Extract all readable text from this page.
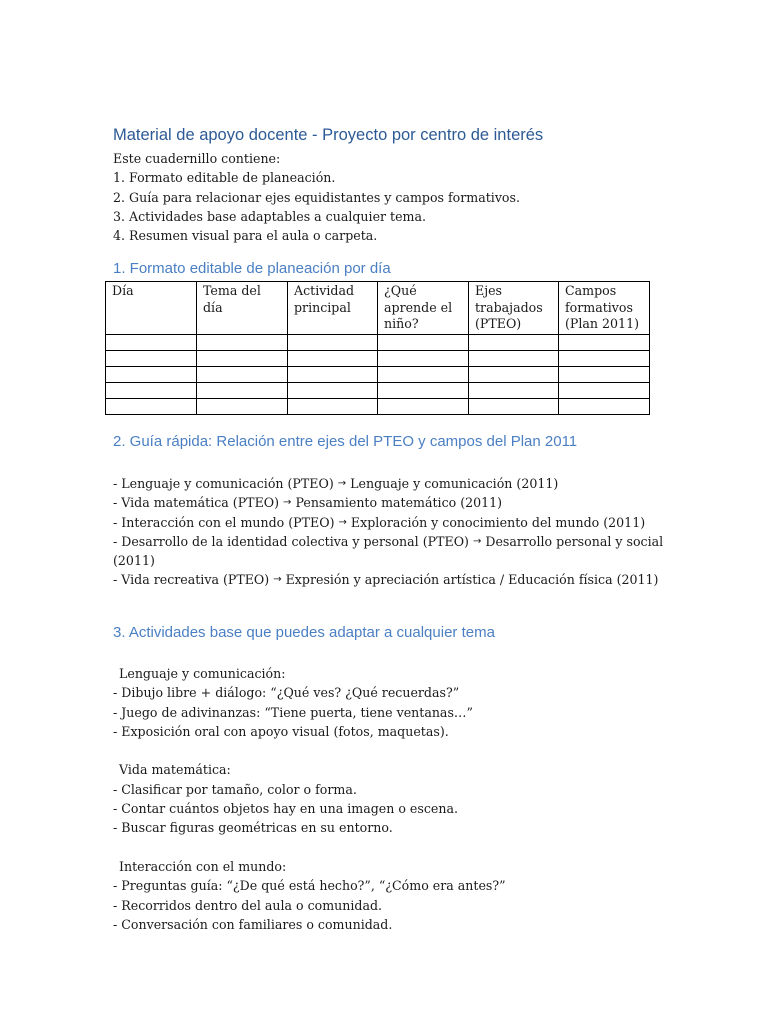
Material de apoyo docente - Proyecto por centro de interés
Este cuadernillo contiene:
1. Formato editable de planeación.
2. Guía para relacionar ejes equidistantes y campos formativos.
3. Actividades base adaptables a cualquier tema.
4. Resumen visual para el aula o carpeta.
1. Formato editable de planeación por día
Día	Tema del día	Actividad principal	¿Qué aprende el niño?	Ejes trabajados (PTEO)	Campos formativos (Plan 2011)

2. Guía rápida: Relación entre ejes del PTEO y campos del Plan 2011
- Lenguaje y comunicación (PTEO) → Lenguaje y comunicación (2011)
- Vida matemática (PTEO) → Pensamiento matemático (2011)
- Interacción con el mundo (PTEO) → Exploración y conocimiento del mundo (2011)
- Desarrollo de la identidad colectiva y personal (PTEO) → Desarrollo personal y social (2011)
- Vida recreativa (PTEO) → Expresión y apreciación artística / Educación física (2011)
3. Actividades base que puedes adaptar a cualquier tema
Lenguaje y comunicación:
- Dibujo libre + diálogo: “¿Qué ves? ¿Qué recuerdas?”
- Juego de adivinanzas: “Tiene puerta, tiene ventanas…”
- Exposición oral con apoyo visual (fotos, maquetas).
Vida matemática:
- Clasificar por tamaño, color o forma.
- Contar cuántos objetos hay en una imagen o escena.
- Buscar figuras geométricas en su entorno.
Interacción con el mundo:
- Preguntas guía: “¿De qué está hecho?”, “¿Cómo era antes?”
- Recorridos dentro del aula o comunidad.
- Conversación con familiares o comunidad.
